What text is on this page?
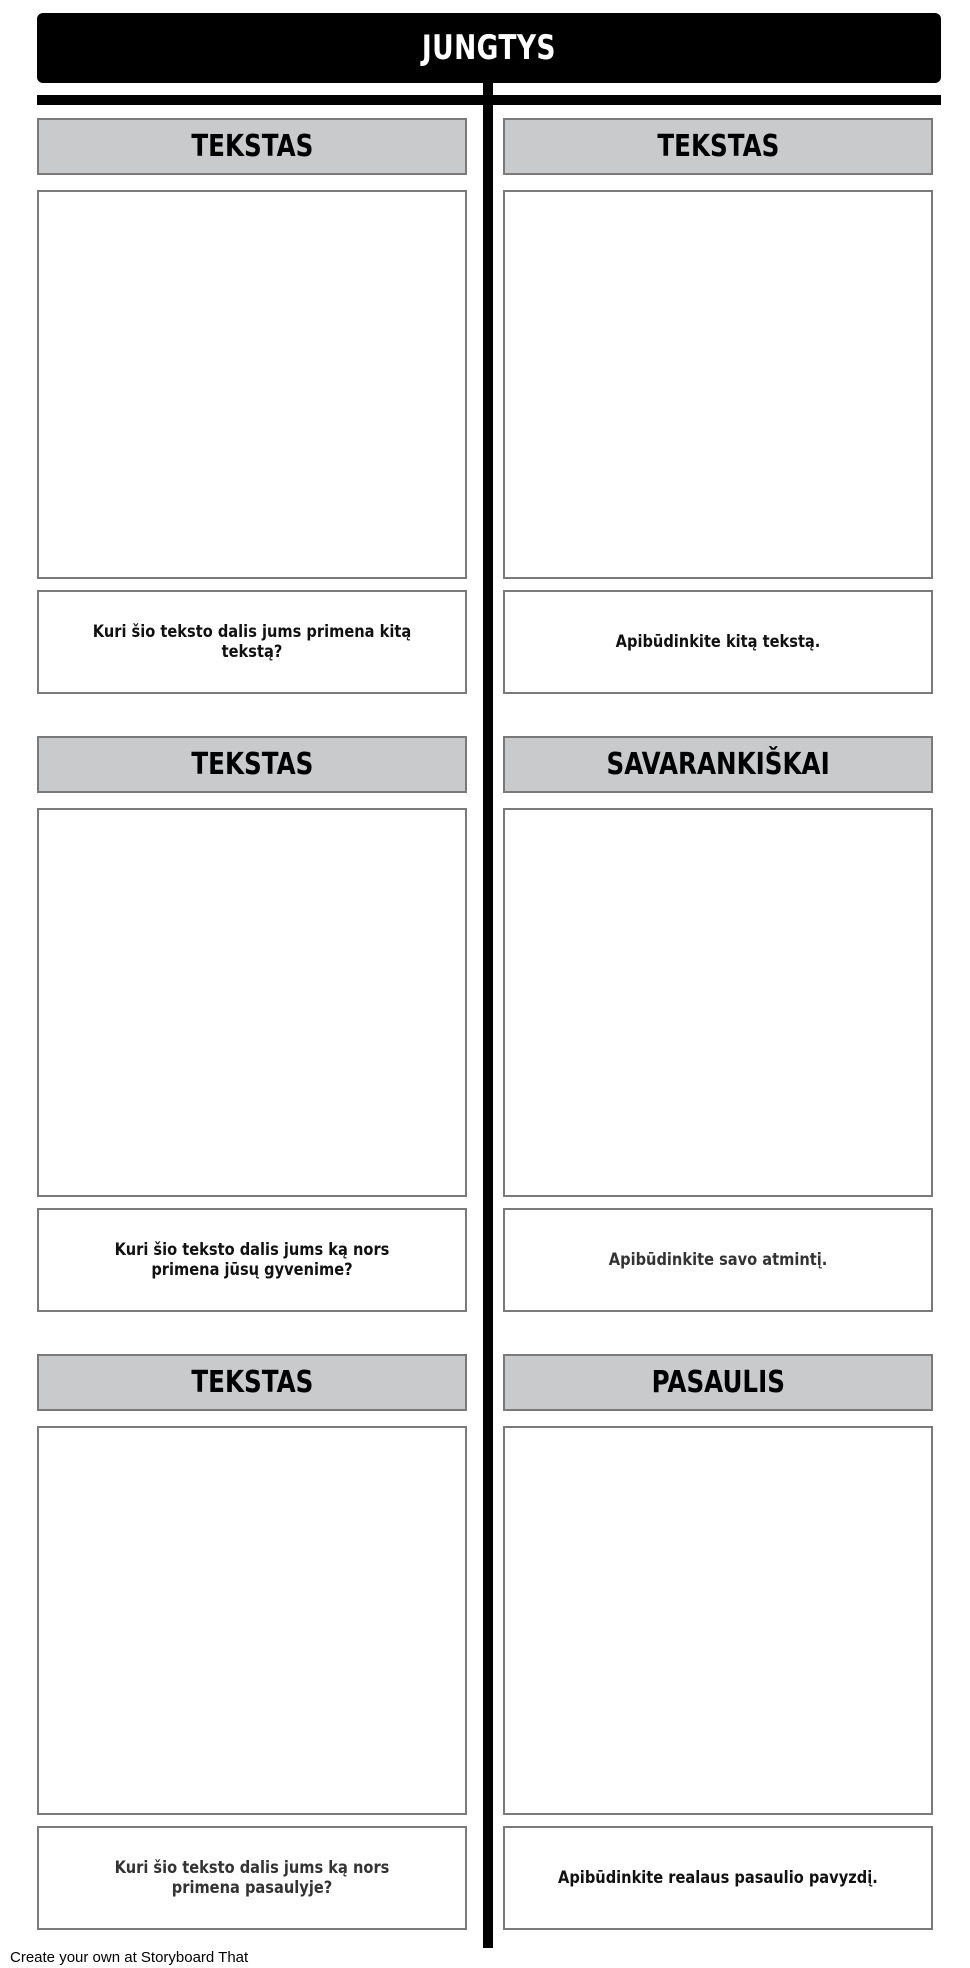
JUNGTYS
TEKSTAS
Kuri šio teksto dalis jums primena kitą tekstą?
TEKSTAS
Apibūdinkite kitą tekstą.
TEKSTAS
Kuri šio teksto dalis jums ką nors primena jūsų gyvenime?
SAVARANKIŠKAI
Apibūdinkite savo atmintį.
TEKSTAS
Kuri šio teksto dalis jums ką nors primena pasaulyje?
PASAULIS
Apibūdinkite realaus pasaulio pavyzdį.
Create your own at Storyboard That
